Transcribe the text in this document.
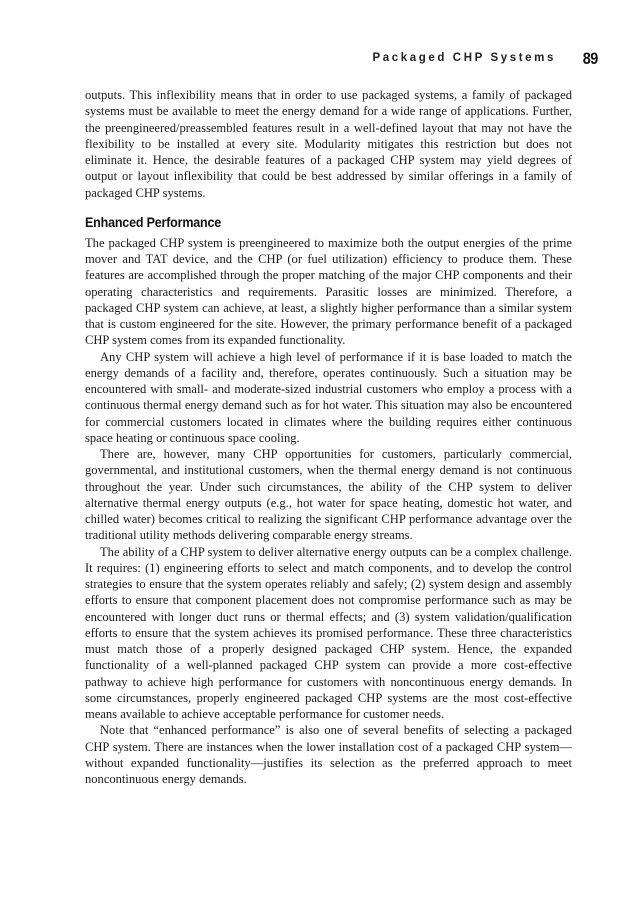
Packaged CHP Systems 89

outputs. This inflexibility means that in order to use packaged systems, a family of packaged systems must be available to meet the energy demand for a wide range of applications. Further, the preengineered/preassembled features result in a well-defined layout that may not have the flexibility to be installed at every site. Modularity mitigates this restriction but does not eliminate it. Hence, the desirable features of a packaged CHP system may yield degrees of output or layout inflexibility that could be best addressed by similar offerings in a family of packaged CHP systems.

Enhanced Performance

The packaged CHP system is preengineered to maximize both the output energies of the prime mover and TAT device, and the CHP (or fuel utilization) efficiency to produce them. These features are accomplished through the proper matching of the major CHP components and their operating characteristics and requirements. Parasitic losses are minimized. Therefore, a packaged CHP system can achieve, at least, a slightly higher performance than a similar system that is custom engineered for the site. However, the primary performance benefit of a packaged CHP system comes from its expanded functionality.

Any CHP system will achieve a high level of performance if it is base loaded to match the energy demands of a facility and, therefore, operates continuously. Such a situation may be encountered with small- and moderate-sized industrial customers who employ a process with a continuous thermal energy demand such as for hot water. This situation may also be encountered for commercial customers located in climates where the building requires either continuous space heating or continuous space cooling.

There are, however, many CHP opportunities for customers, particularly commercial, governmental, and institutional customers, when the thermal energy demand is not continuous throughout the year. Under such circumstances, the ability of the CHP system to deliver alternative thermal energy outputs (e.g., hot water for space heating, domestic hot water, and chilled water) becomes critical to realizing the significant CHP performance advantage over the traditional utility methods delivering comparable energy streams.

The ability of a CHP system to deliver alternative energy outputs can be a complex challenge. It requires: (1) engineering efforts to select and match components, and to develop the control strategies to ensure that the system operates reliably and safely; (2) system design and assembly efforts to ensure that component placement does not compromise performance such as may be encountered with longer duct runs or thermal effects; and (3) system validation/qualification efforts to ensure that the system achieves its promised performance. These three characteristics must match those of a properly designed packaged CHP system. Hence, the expanded functionality of a well-planned packaged CHP system can provide a more cost-effective pathway to achieve high performance for customers with noncontinuous energy demands. In some circumstances, properly engineered packaged CHP systems are the most cost-effective means available to achieve acceptable performance for customer needs.

Note that “enhanced performance” is also one of several benefits of selecting a packaged CHP system. There are instances when the lower installation cost of a packaged CHP system—without expanded functionality—justifies its selection as the preferred approach to meet noncontinuous energy demands.
